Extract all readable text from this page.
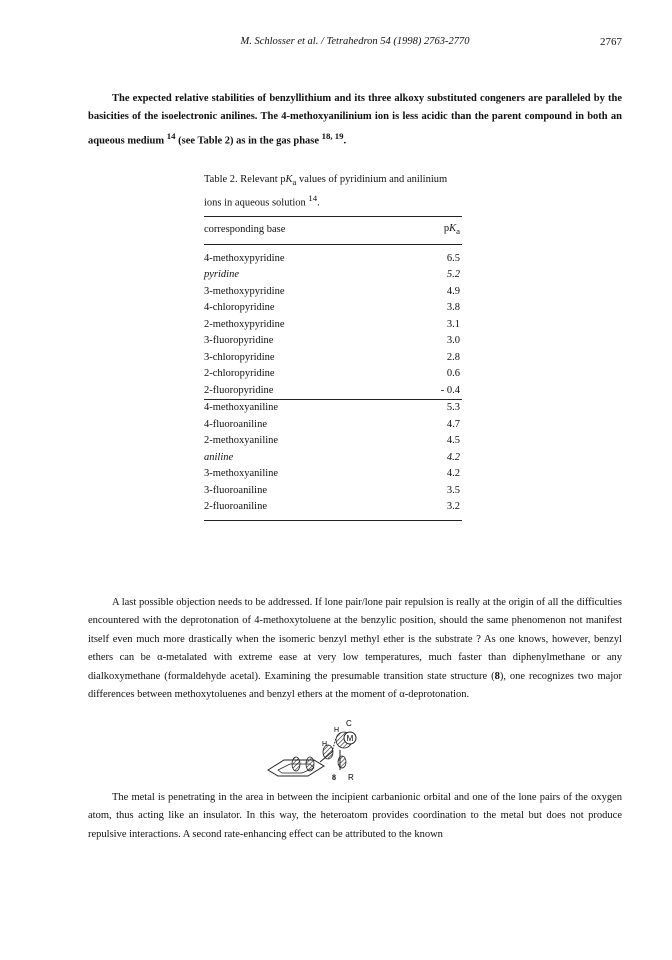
M. Schlosser et al. / Tetrahedron 54 (1998) 2763-2770	2767

The expected relative stabilities of benzyllithium and its three alkoxy substituted congeners are paralleled by the basicities of the isoelectronic anilines. The 4-methoxyanilinium ion is less acidic than the parent compound in both an aqueous medium $^{14}$ (see Table 2) as in the gas phase $^{18, 19}$.

Table 2. Relevant $pK_a$ values of pyridinium and anilinium ions in aqueous solution $^{14}$.
corresponding base	$pK_a$
4-methoxypyridine	6.5
pyridine	5.2
3-methoxypyridine	4.9
4-chloropyridine	3.8
2-methoxypyridine	3.1
3-fluoropyridine	3.0
3-chloropyridine	2.8
2-chloropyridine	0.6
2-fluoropyridine	- 0.4
4-methoxyaniline	5.3
4-fluoroaniline	4.7
2-methoxyaniline	4.5
aniline	4.2
3-methoxyaniline	4.2
3-fluoroaniline	3.5
2-fluoroaniline	3.2

A last possible objection needs to be addressed. If lone pair/lone pair repulsion is really at the origin of all the difficulties encountered with the deprotonation of 4-methoxytoluene at the benzylic position, should the same phenomenon not manifest itself even much more drastically when the isomeric benzyl methyl ether is the substrate ? As one knows, however, benzyl ethers can be α-metalated with extreme ease at very low temperatures, much faster than diphenylmethane or any dialkoxymethane (formaldehyde acetal). Examining the presumable transition state structure (8), one recognizes two major differences between methoxytoluenes and benzyl ethers at the moment of α-deprotonation.

M
C
H
H
8 R

The metal is penetrating in the area in between the incipient carbanionic orbital and one of the lone pairs of the oxygen atom, thus acting like an insulator. In this way, the heteroatom provides coordination to the metal but does not produce repulsive interactions. A second rate-enhancing effect can be attributed to the known
